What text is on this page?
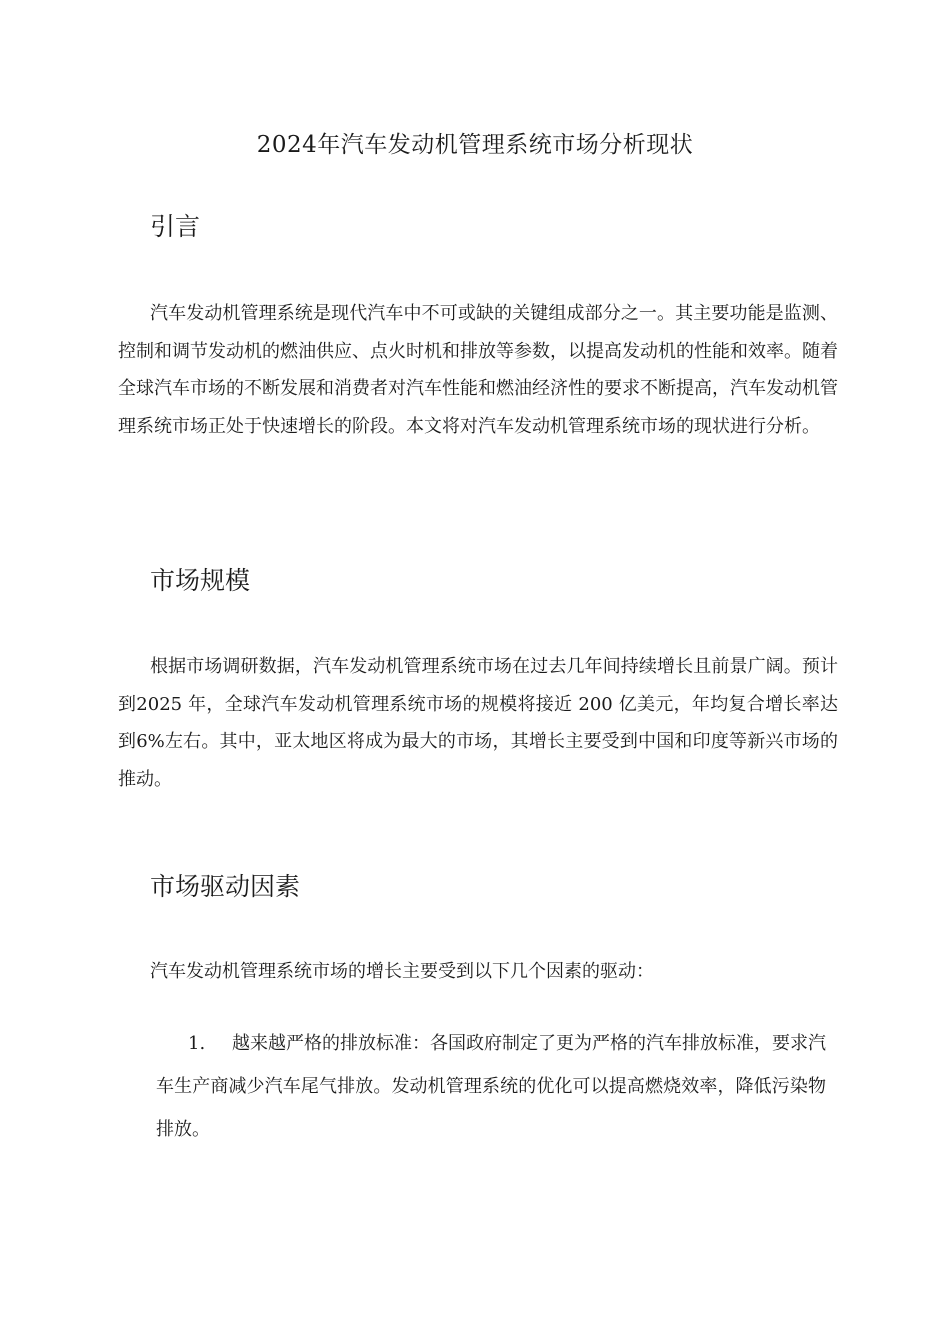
2024年汽车发动机管理系统市场分析现状
引言

汽车发动机管理系统是现代汽车中不可或缺的关键组成部分之一。其主要功能是监测、控制和调节发动机的燃油供应、点火时机和排放等参数，以提高发动机的性能和效率。随着全球汽车市场的不断发展和消费者对汽车性能和燃油经济性的要求不断提高，汽车发动机管理系统市场正处于快速增长的阶段。本文将对汽车发动机管理系统市场的现状进行分析。

市场规模

根据市场调研数据，汽车发动机管理系统市场在过去几年间持续增长且前景广阔。预计到2025 年，全球汽车发动机管理系统市场的规模将接近 200 亿美元，年均复合增长率达到6%左右。其中，亚太地区将成为最大的市场，其增长主要受到中国和印度等新兴市场的推动。

市场驱动因素

汽车发动机管理系统市场的增长主要受到以下几个因素的驱动：

1.	越来越严格的排放标准：各国政府制定了更为严格的汽车排放标准，要求汽车生产商减少汽车尾气排放。发动机管理系统的优化可以提高燃烧效率，降低污染物排放。
